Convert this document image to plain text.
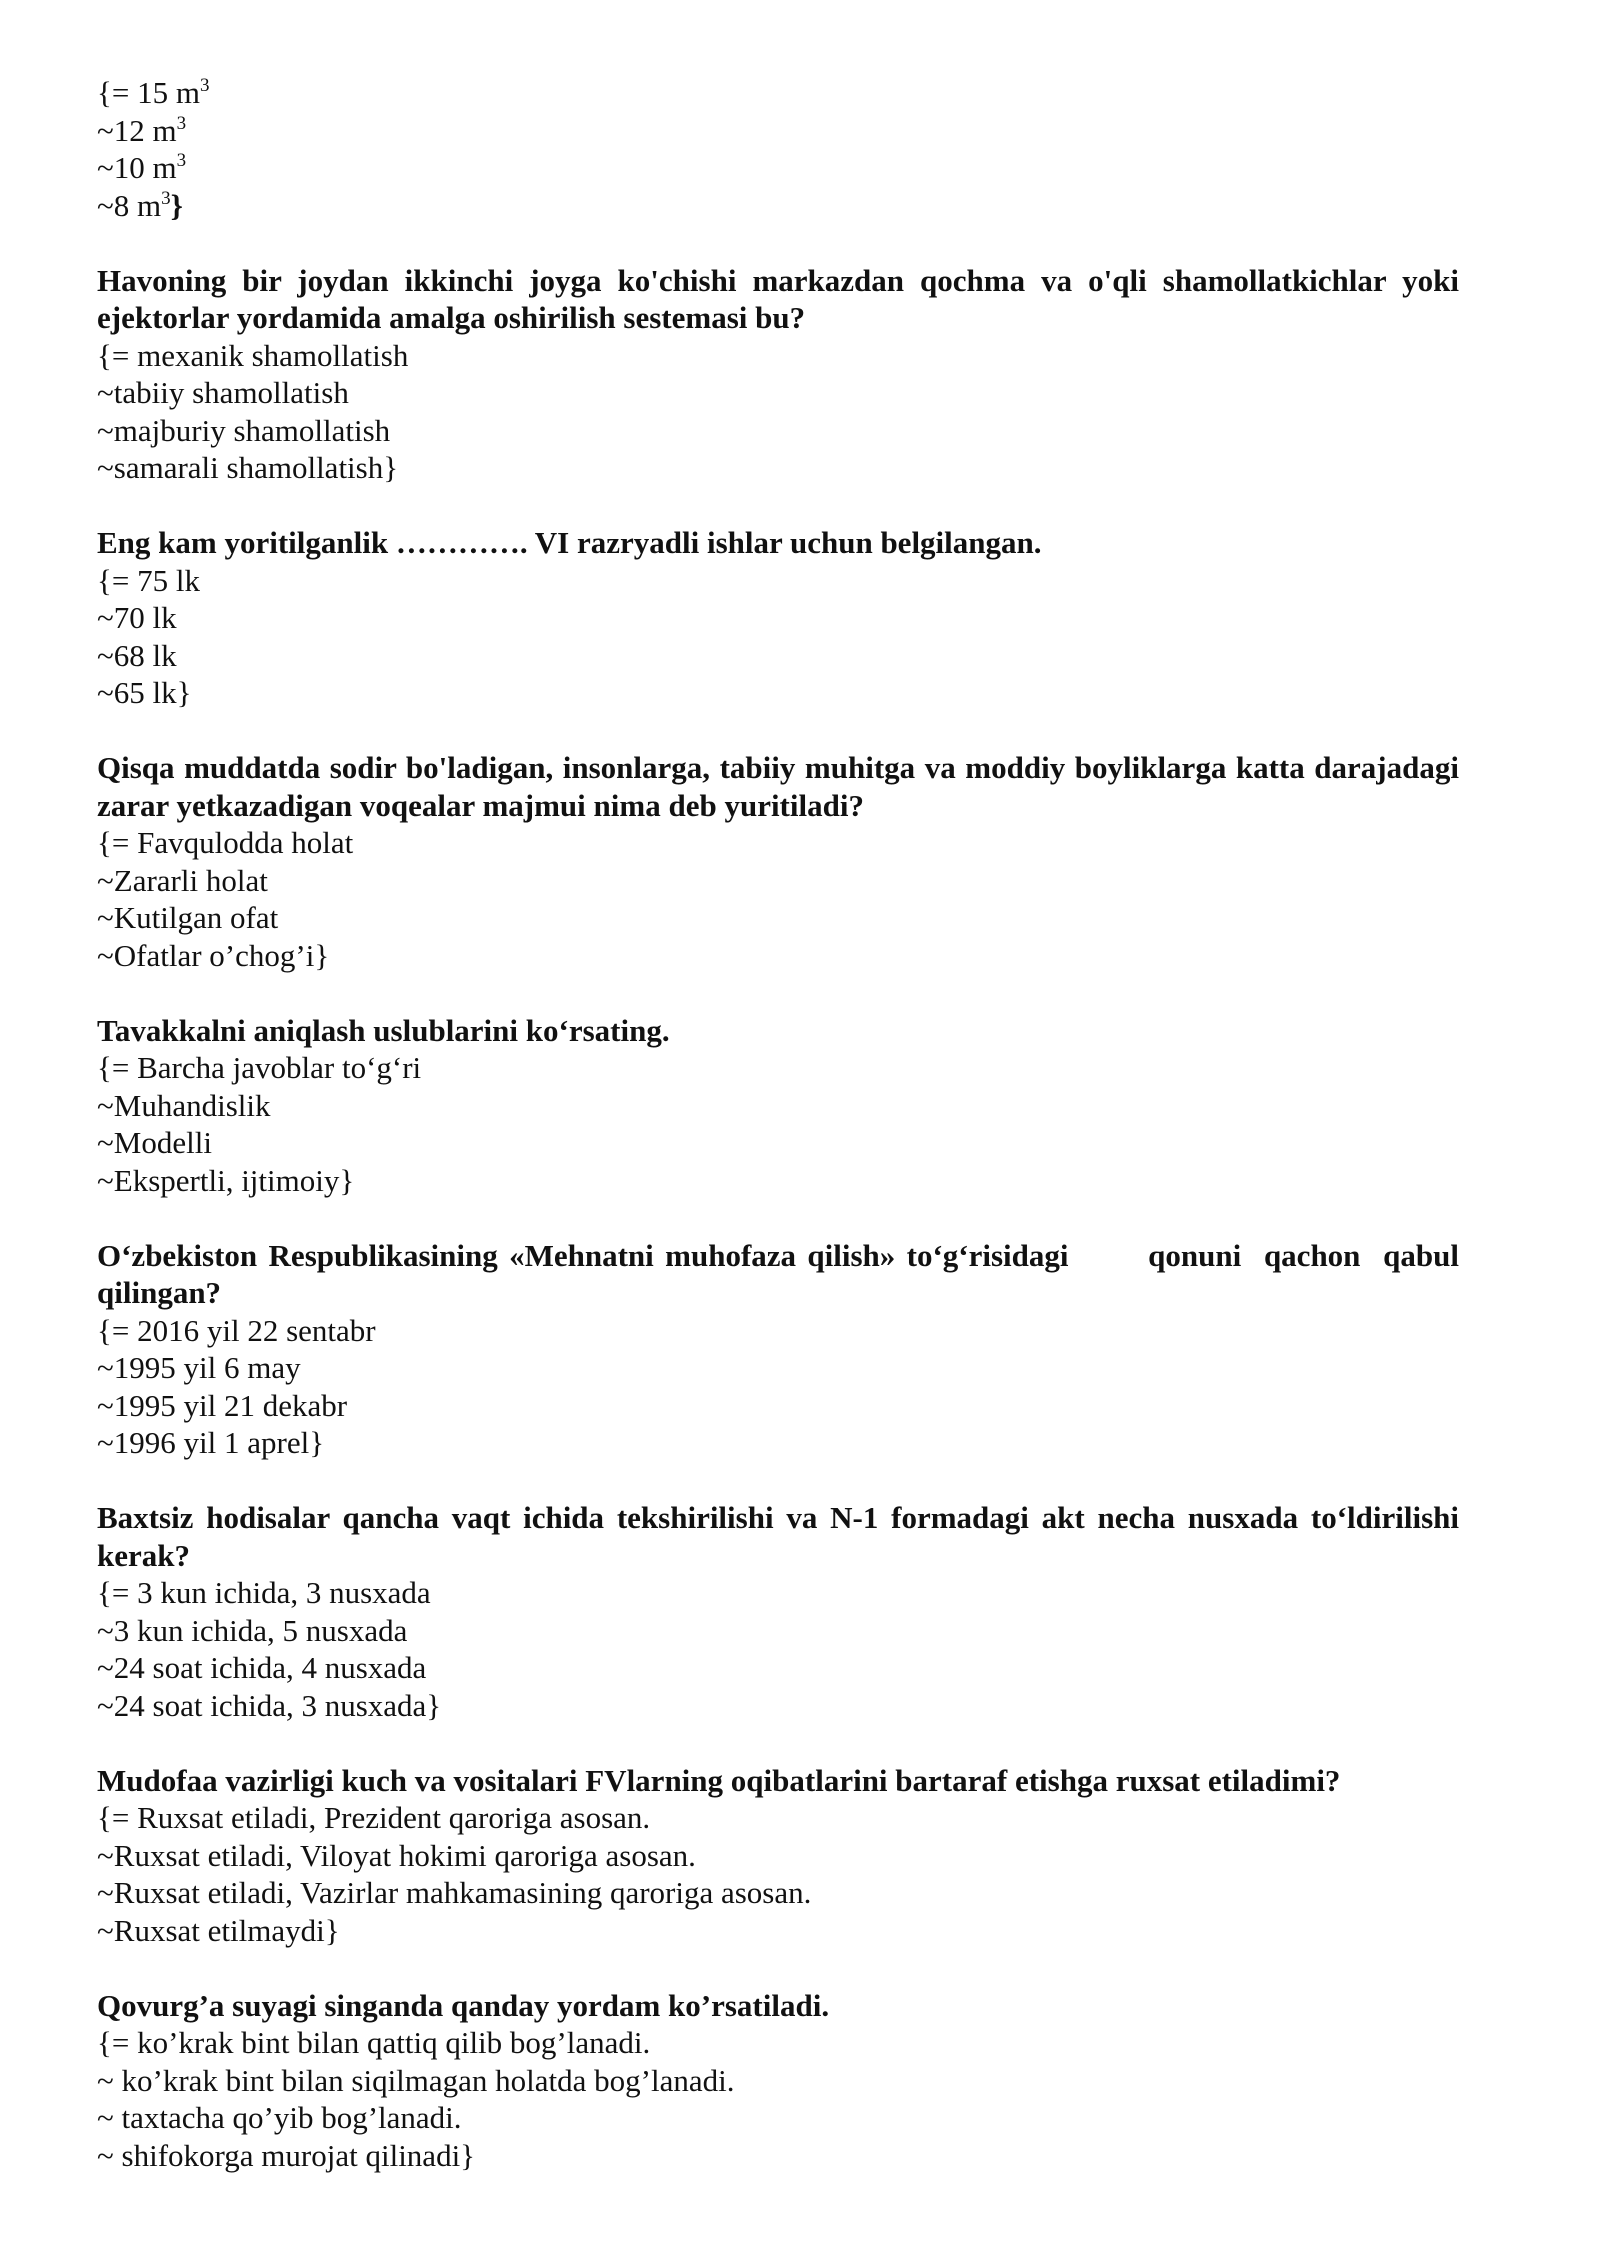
{= 15 $m^3$
~12 $m^3$
~10 $m^3$
~8 $m^3$}
Havoning bir joydan ikkinchi joyga ko'chishi markazdan qochma va o'qli shamollatkichlar yoki ejektorlar yordamida amalga oshirilish sestemasi bu?
{= mexanik shamollatish
~tabiiy shamollatish
~majburiy shamollatish
~samarali shamollatish}
Eng kam yoritilganlik …………. VI razryadli ishlar uchun belgilangan.
{= 75 lk
~70 lk
~68 lk
~65 lk}
Qisqa muddatda sodir bo'ladigan, insonlarga, tabiiy muhitga va moddiy boyliklarga katta darajadagi zarar yetkazadigan voqealar majmui nima deb yuritiladi?
{= Favqulodda holat
~Zararli holat
~Kutilgan ofat
~Ofatlar o’chog’i}
Tavakkalni aniqlash uslublarini ko‘rsating.
{= Barcha javoblar to‘g‘ri
~Muhandislik
~Modelli
~Ekspertli, ijtimoiy}
O‘zbekiston Respublikasining «Mehnatni muhofaza qilish» to‘g‘risidagi       qonuni  qachon  qabul qilingan?
{= 2016 yil 22 sentabr
~1995 yil 6 may
~1995 yil 21 dekabr
~1996 yil 1 aprel}
Baxtsiz hodisalar qancha vaqt ichida tekshirilishi va N-1 formadagi akt necha nusxada to‘ldirilishi kerak?
{= 3 kun ichida, 3 nusxada
~3 kun ichida, 5 nusxada
~24 soat ichida, 4 nusxada
~24 soat ichida, 3 nusxada}
Mudofaa vazirligi kuch va vositalari FVlarning oqibatlarini bartaraf etishga ruxsat etiladimi?
{= Ruxsat etiladi, Prezident qaroriga asosan.
~Ruxsat etiladi, Viloyat hokimi qaroriga asosan.
~Ruxsat etiladi, Vazirlar mahkamasining qaroriga asosan.
~Ruxsat etilmaydi}
Qovurg’a suyagi singanda qanday yordam ko’rsatiladi.
{= ko’krak bint bilan qattiq qilib bog’lanadi.
~ ko’krak bint bilan siqilmagan holatda bog’lanadi.
~ taxtacha qo’yib bog’lanadi.
~ shifokorga murojat qilinadi}
